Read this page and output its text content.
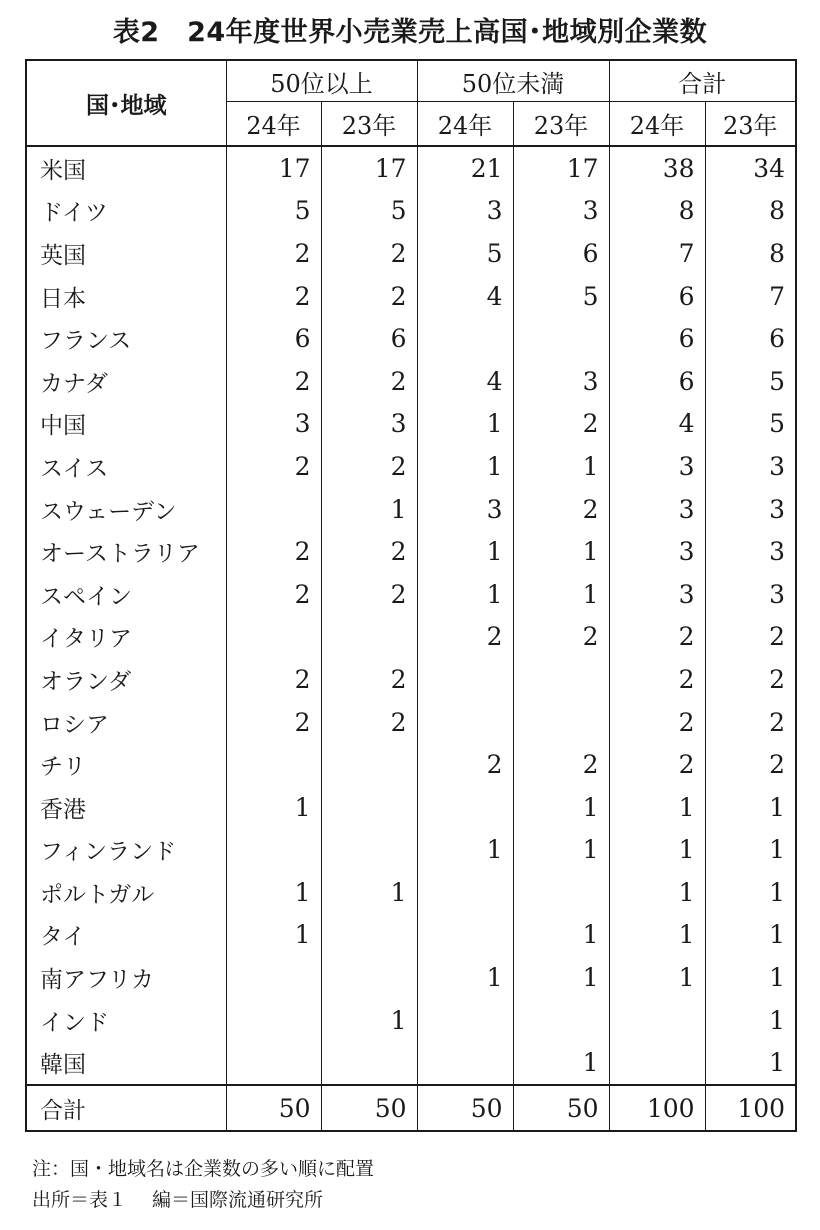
表2　24年度世界小売業売上高国･地域別企業数
国･地域	50位以上		50位未満		合計	
	24年	23年	24年	23年	24年	23年
米国	17	17	21	17	38	34
ドイツ	5	5	3	3	8	8
英国	2	2	5	6	7	8
日本	2	2	4	5	6	7
フランス	6	6			6	6
カナダ	2	2	4	3	6	5
中国	3	3	1	2	4	5
スイス	2	2	1	1	3	3
スウェーデン		1	3	2	3	3
オーストラリア	2	2	1	1	3	3
スペイン	2	2	1	1	3	3
イタリア			2	2	2	2
オランダ	2	2			2	2
ロシア	2	2			2	2
チリ			2	2	2	2
香港	1			1	1	1
フィンランド			1	1	1	1
ポルトガル	1	1			1	1
タイ	1			1	1	1
南アフリカ			1	1	1	1
インド		1				1
韓国				1		1
合計	50	50	50	50	100	100
注：国・地域名は企業数の多い順に配置
出所＝表１　 編＝国際流通研究所
